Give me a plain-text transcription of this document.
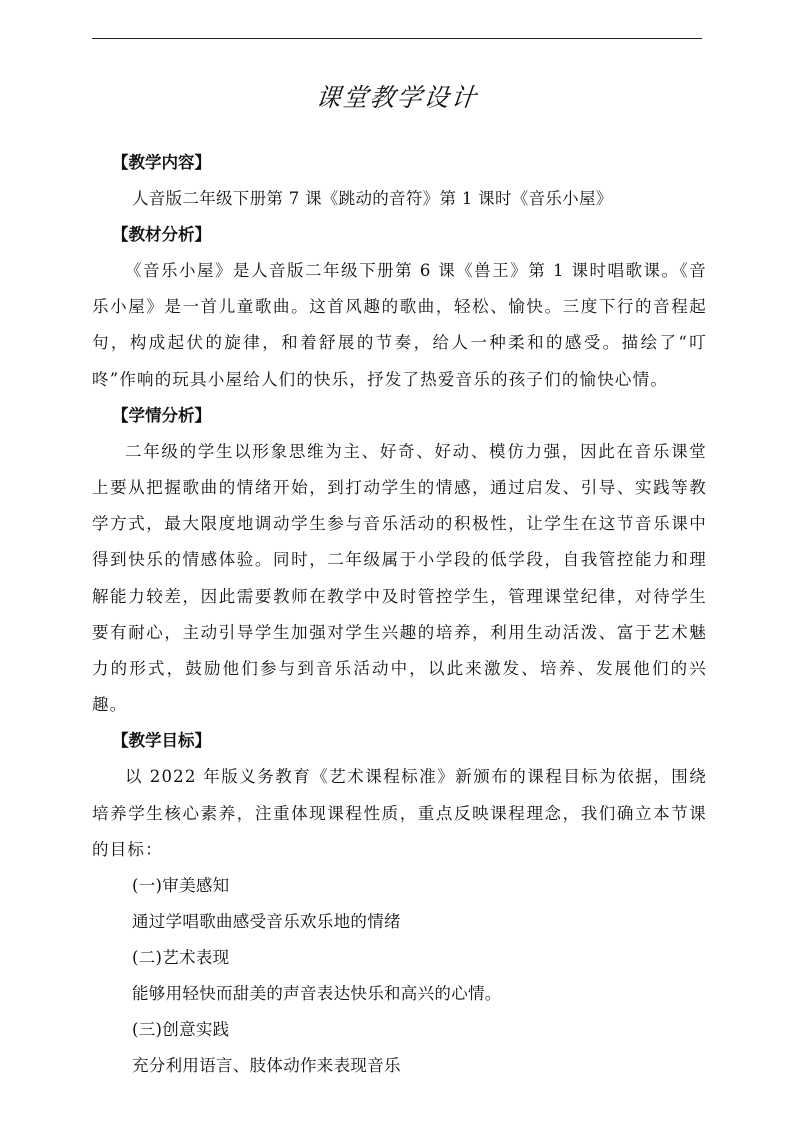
课堂教学设计
【教学内容】
人音版二年级下册第 7 课《跳动的音符》第 1 课时《音乐小屋》
【教材分析】
《音乐小屋》是人音版二年级下册第 6 课《兽王》第 1 课时唱歌课。《音乐小屋》是一首儿童歌曲。这首风趣的歌曲，轻松、愉快。三度下行的音程起句，构成起伏的旋律，和着舒展的节奏，给人一种柔和的感受。描绘了“叮咚”作响的玩具小屋给人们的快乐，抒发了热爱音乐的孩子们的愉快心情。
【学情分析】
二年级的学生以形象思维为主、好奇、好动、模仿力强，因此在音乐课堂上要从把握歌曲的情绪开始，到打动学生的情感，通过启发、引导、实践等教学方式，最大限度地调动学生参与音乐活动的积极性，让学生在这节音乐课中得到快乐的情感体验。同时，二年级属于小学段的低学段，自我管控能力和理解能力较差，因此需要教师在教学中及时管控学生，管理课堂纪律，对待学生要有耐心，主动引导学生加强对学生兴趣的培养，利用生动活泼、富于艺术魅力的形式，鼓励他们参与到音乐活动中，以此来激发、培养、发展他们的兴趣。
【教学目标】
以 2022 年版义务教育《艺术课程标准》新颁布的课程目标为依据，围绕培养学生核心素养，注重体现课程性质，重点反映课程理念，我们确立本节课的目标：
(一)审美感知
通过学唱歌曲感受音乐欢乐地的情绪
(二)艺术表现
能够用轻快而甜美的声音表达快乐和高兴的心情。
(三)创意实践
充分利用语言、肢体动作来表现音乐
